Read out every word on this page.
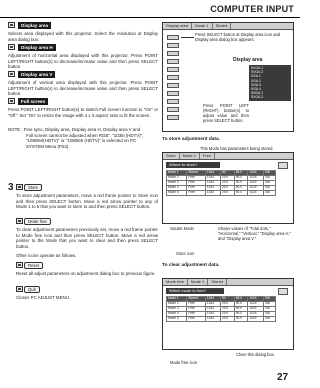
COMPUTER INPUT
Display area

Selects area displayed with this projector. Select the resolution at Display area dialog box.

Display area H

Adjustment of horizontal area displayed with this projector. Press POINT LEFT/RIGHT button(s) to decrease/increase value and then press SELECT button.

Display area V

Adjustment of vertical area displayed with this projector. Press POINT LEFT/RIGHT button(s) to decrease/increase value and then press SELECT button.

Full screen

Press POINT LEFT/RIGHT button(s) to switch Full screen function to "On" or "Off." Set "On" to resize the image with 4 x 3 aspect ratio to fit the screen.

NOTE : Fine sync, Display area, Display area H, Display area V and Full screen cannot be adjusted when RGB", "1035i (HDTV)", "1080i50(HDTV)" or "1080i60 (HDTV)" is selected on PC SYSTEM Menu (P23).

3	Store

To store adjustment parameters, move a red frame pointer to Store icon and then press SELECT button. Move a red arrow pointer to any of Mode 1 to 5 that you want to store to and then press SELECT button.

Mode free

To clear adjustment parameters previously set, move a red frame pointer to Mode free icon and then press SELECT button. Move a red arrow pointer to the Mode that you want to clear and then press SELECT button.

Other icons operate as follows.

Reset

Reset all adjust parameters on adjustment dialog box to previous figure.

Quit

Closes PC ADJUST MENU.

Display area Mode 1 Stored
Press SELECT button at Display area icon and Display area dialog box appears.
Display area
SVGA 1
SVGA 2
XGA 1
XGA 2
XGA 3
XGA 4
SXGA 1
SXGA 2
Press POINT LEFT (RIGHT) button(s) to adjust value and then press SELECT button.
To store adjustment data.
This Mode has parameters being stored.
Store Mode 2 Free
Where to store?
Mode 1	Stored	1344	50	65.0	1024	768
Mode 2	Free	1344	29.0	90.0	1024	768
Mode 3	Free	1344	29.0	90.0	1024	768
Mode 4	Free	1344	29.0	90.0	1024	768
Mode 5	Free	1344	29.0	90.0	1024	768
Vacant Mode	Shows values of "Total dots," "Horizontal," "Vertical," "Display area H," and "Display area V."
Store icon
To clear adjustment data.
Mode free Mode 1 Stored
Which mode to free?
Mode 1	Stored	1344	50	65.0	1024	768
Mode 2	Free	1344	29.0	90.0	1024	768
Mode 3	Free	1344	29.0	90.0	1024	768
Mode 4	Free	1344	29.0	90.0	1024	768
Mode 5	Free	1344	29.0	90.0	1024	768
Close this dialog box.
Mode free icon
27
